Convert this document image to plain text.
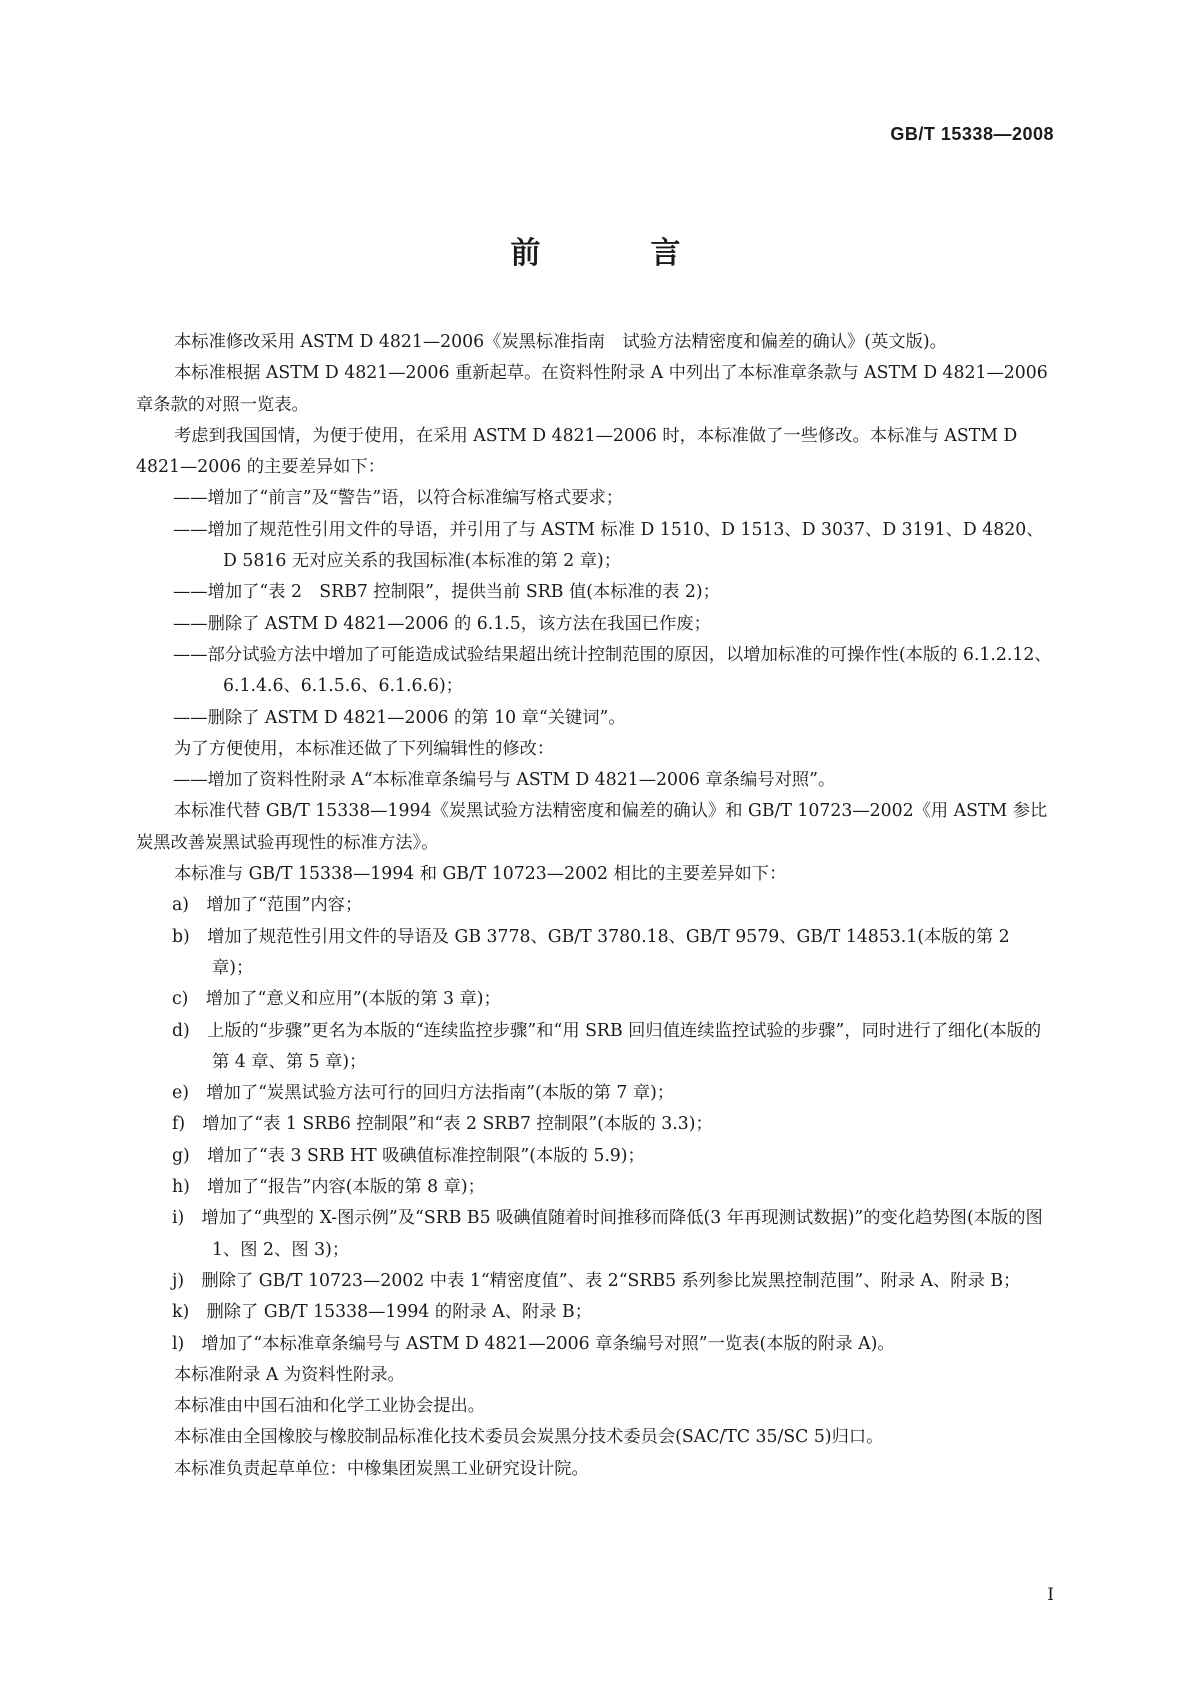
GB/T 15338—2008
前　言

本标准修改采用 ASTM D 4821—2006《炭黑标准指南　试验方法精密度和偏差的确认》(英文版)。

本标准根据 ASTM D 4821—2006 重新起草。在资料性附录 A 中列出了本标准章条款与 ASTM D 4821—2006 章条款的对照一览表。

考虑到我国国情，为便于使用，在采用 ASTM D 4821—2006 时，本标准做了一些修改。本标准与 ASTM D 4821—2006 的主要差异如下：

——增加了“前言”及“警告”语，以符合标准编写格式要求；

——增加了规范性引用文件的导语，并引用了与 ASTM 标准 D 1510、D 1513、D 3037、D 3191、D 4820、D 5816 无对应关系的我国标准(本标准的第 2 章)；

——增加了“表 2　SRB7 控制限”，提供当前 SRB 值(本标准的表 2)；

——删除了 ASTM D 4821—2006 的 6.1.5，该方法在我国已作废；

——部分试验方法中增加了可能造成试验结果超出统计控制范围的原因，以增加标准的可操作性(本版的 6.1.2.12、6.1.4.6、6.1.5.6、6.1.6.6)；

——删除了 ASTM D 4821—2006 的第 10 章“关键词”。

为了方便使用，本标准还做了下列编辑性的修改：

——增加了资料性附录 A“本标准章条编号与 ASTM D 4821—2006 章条编号对照”。

本标准代替 GB/T 15338—1994《炭黑试验方法精密度和偏差的确认》和 GB/T 10723—2002《用 ASTM 参比炭黑改善炭黑试验再现性的标准方法》。

本标准与 GB/T 15338—1994 和 GB/T 10723—2002 相比的主要差异如下：

a)　增加了“范围”内容；

b)　增加了规范性引用文件的导语及 GB 3778、GB/T 3780.18、GB/T 9579、GB/T 14853.1(本版的第 2 章)；

c)　增加了“意义和应用”(本版的第 3 章)；

d)　上版的“步骤”更名为本版的“连续监控步骤”和“用 SRB 回归值连续监控试验的步骤”，同时进行了细化(本版的第 4 章、第 5 章)；

e)　增加了“炭黑试验方法可行的回归方法指南”(本版的第 7 章)；

f)　增加了“表 1 SRB6 控制限”和“表 2 SRB7 控制限”(本版的 3.3)；

g)　增加了“表 3 SRB HT 吸碘值标准控制限”(本版的 5.9)；

h)　增加了“报告”内容(本版的第 8 章)；

i)　增加了“典型的 X-图示例”及“SRB B5 吸碘值随着时间推移而降低(3 年再现测试数据)”的变化趋势图(本版的图 1、图 2、图 3)；

j)　删除了 GB/T 10723—2002 中表 1“精密度值”、表 2“SRB5 系列参比炭黑控制范围”、附录 A、附录 B；

k)　删除了 GB/T 15338—1994 的附录 A、附录 B；

l)　增加了“本标准章条编号与 ASTM D 4821—2006 章条编号对照”一览表(本版的附录 A)。

本标准附录 A 为资料性附录。

本标准由中国石油和化学工业协会提出。

本标准由全国橡胶与橡胶制品标准化技术委员会炭黑分技术委员会(SAC/TC 35/SC 5)归口。

本标准负责起草单位：中橡集团炭黑工业研究设计院。

I
